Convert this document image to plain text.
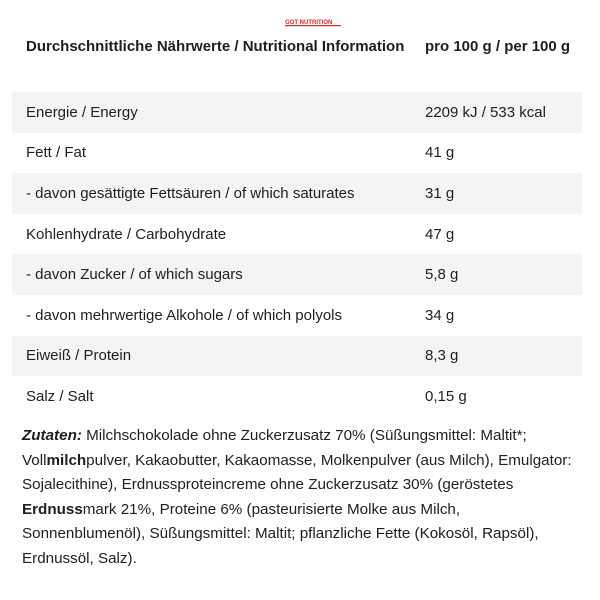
Durchschnittliche Nährwerte / Nutritional Information	pro 100 g / per 100 g
Energie / Energy	2209 kJ / 533 kcal
Fett / Fat	41 g
- davon gesättigte Fettsäuren / of which saturates	31 g
Kohlenhydrate / Carbohydrate	47 g
- davon Zucker / of which sugars	5,8 g
- davon mehrwertige Alkohole / of which polyols	34 g
Eiweiß / Protein	8,3 g
Salz / Salt	0,15 g
GOT NUTRITION
Zutaten: Milchschokolade ohne Zuckerzusatz 70% (Süßungsmittel: Maltit*; Vollmilchpulver, Kakaobutter, Kakaomasse, Molkenpulver (aus Milch), Emulgator: Sojalecithine), Erdnussproteincreme ohne Zuckerzusatz 30% (geröstetes Erdnussmark 21%, Proteine 6% (pasteurisierte Molke aus Milch, Sonnenblumenöl), Süßungsmittel: Maltit; pflanzliche Fette (Kokosöl, Rapsöl), Erdnussöl, Salz).
